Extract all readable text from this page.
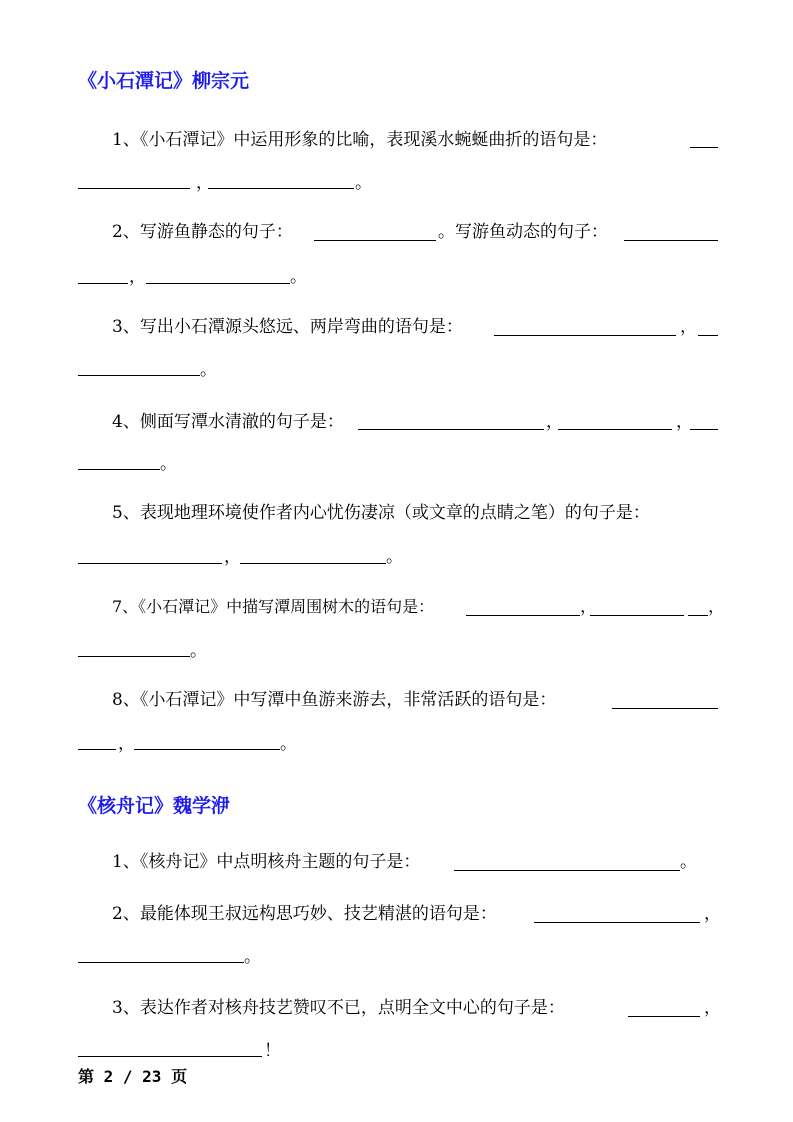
《小石潭记》柳宗元
1、《小石潭记》中运用形象的比喻，表现溪水蜿蜒曲折的语句是：
，	。
2、写游鱼静态的句子：	。写游鱼动态的句子：
，	。
3、写出小石潭源头悠远、两岸弯曲的语句是：	，
。
4、侧面写潭水清澈的句子是：	，	，
。
5、表现地理环境使作者内心忧伤凄凉（或文章的点睛之笔）的句子是：
，	。
7、《小石潭记》中描写潭周围树木的语句是：	，	，
。
8、《小石潭记》中写潭中鱼游来游去，非常活跃的语句是：
，	。
《核舟记》魏学洢
1、《核舟记》中点明核舟主题的句子是：	。
2、最能体现王叔远构思巧妙、技艺精湛的语句是：	，
。
3、表达作者对核舟技艺赞叹不已，点明全文中心的句子是：	，
！
第 2 / 23 页
